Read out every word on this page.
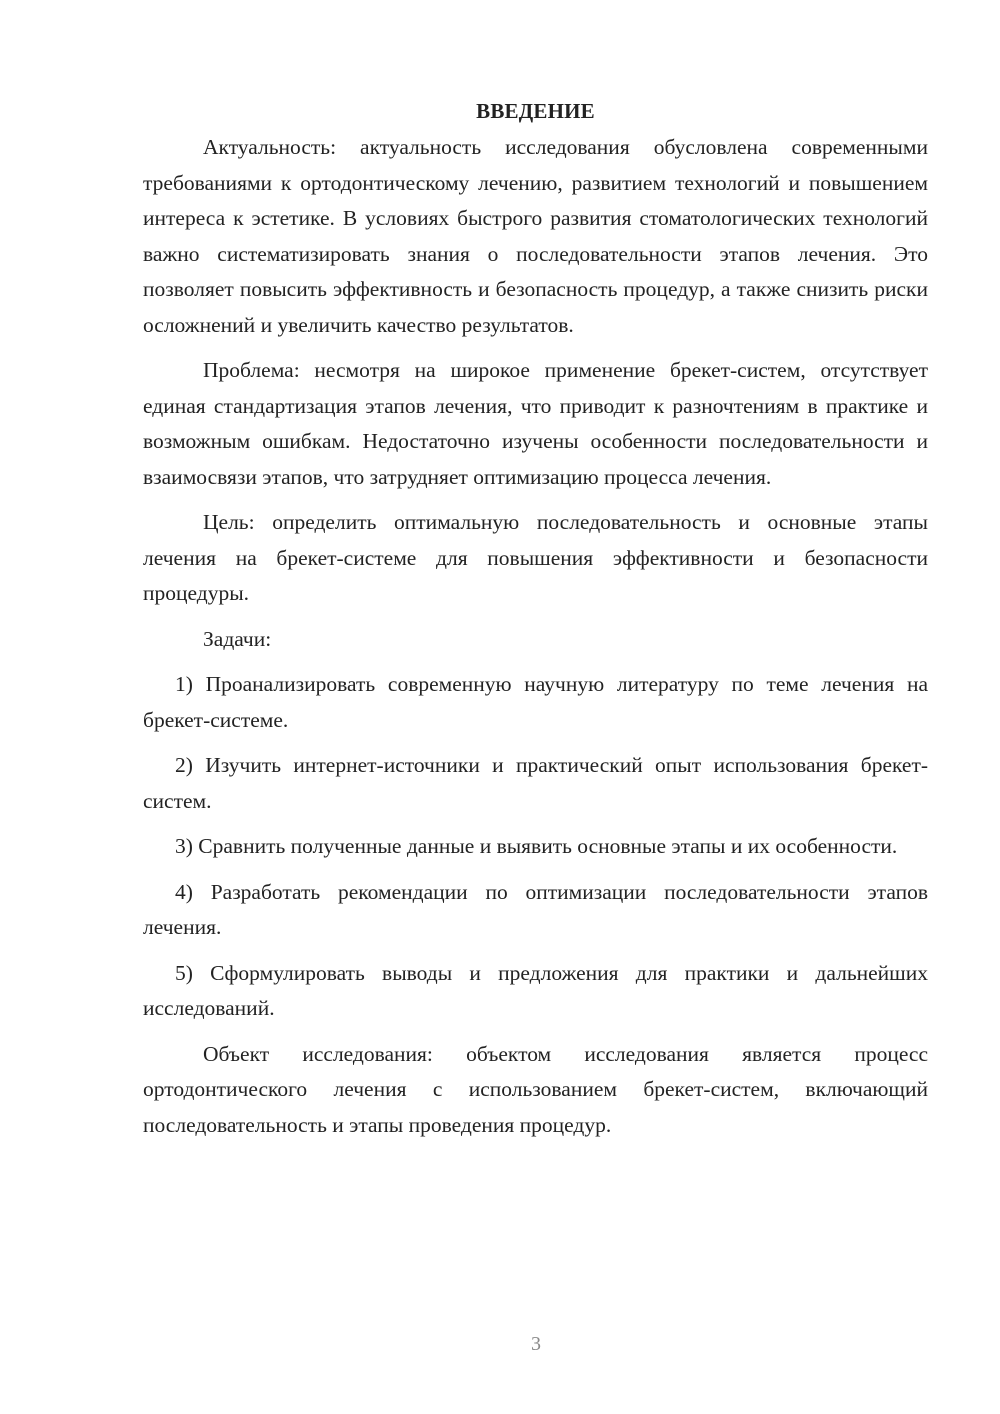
ВВЕДЕНИЕ

Актуальность: актуальность исследования обусловлена современными требованиями к ортодонтическому лечению, развитием технологий и повышением интереса к эстетике. В условиях быстрого развития стоматологических технологий важно систематизировать знания о последовательности этапов лечения. Это позволяет повысить эффективность и безопасность процедур, а также снизить риски осложнений и увеличить качество результатов.

Проблема: несмотря на широкое применение брекет-систем, отсутствует единая стандартизация этапов лечения, что приводит к разночтениям в практике и возможным ошибкам. Недостаточно изучены особенности последовательности и взаимосвязи этапов, что затрудняет оптимизацию процесса лечения.

Цель: определить оптимальную последовательность и основные этапы лечения на брекет-системе для повышения эффективности и безопасности процедуры.

Задачи:

1) Проанализировать современную научную литературу по теме лечения на брекет-системе.

2) Изучить интернет-источники и практический опыт использования брекет-систем.

3) Сравнить полученные данные и выявить основные этапы и их особенности.

4) Разработать рекомендации по оптимизации последовательности этапов лечения.

5) Сформулировать выводы и предложения для практики и дальнейших исследований.

Объект исследования: объектом исследования является процесс ортодонтического лечения с использованием брекет-систем, включающий последовательность и этапы проведения процедур.

3
